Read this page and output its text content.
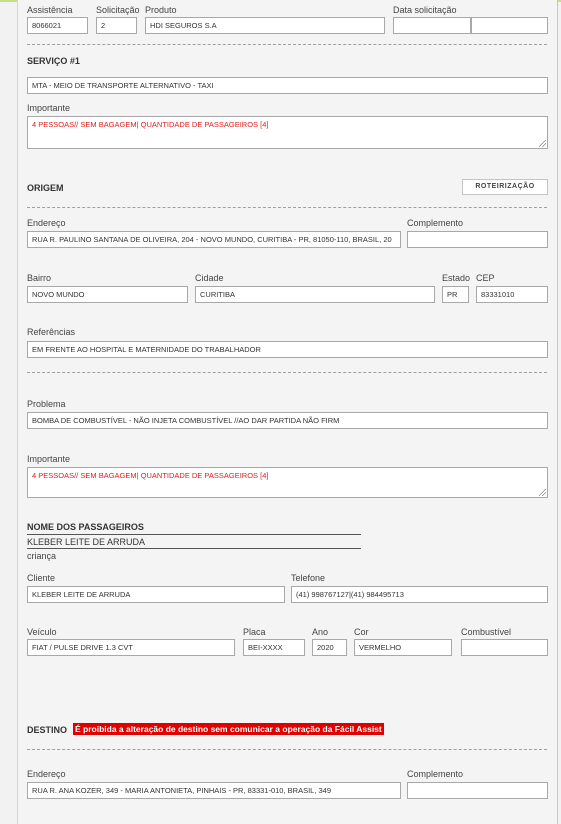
Assistência
8066021
Solicitação
2
Produto
HDI SEGUROS S.A
Data solicitação
SERVIÇO #1
MTA - MEIO DE TRANSPORTE ALTERNATIVO - TAXI
Importante
4 PESSOAS// SEM BAGAGEM| QUANTIDADE DE PASSAGEIROS [4]
ORIGEM	ROTEIRIZAÇÃO
Endereço
RUA R. PAULINO SANTANA DE OLIVEIRA, 204 - NOVO MUNDO, CURITIBA - PR, 81050-110, BRASIL, 20
Complemento
Bairro
NOVO MUNDO
Cidade
CURITIBA
Estado
PR
CEP
83331010
Referências
EM FRENTE AO HOSPITAL E MATERNIDADE DO TRABALHADOR
Problema
BOMBA DE COMBUSTÍVEL - NÃO INJETA COMBUSTÍVEL //AO DAR PARTIDA NÃO FIRM
Importante
4 PESSOAS// SEM BAGAGEM| QUANTIDADE DE PASSAGEIROS [4]
NOME DOS PASSAGEIROS
KLEBER LEITE DE ARRUDA
criança
Cliente
KLEBER LEITE DE ARRUDA
Telefone
(41) 998767127|(41) 984495713
Veículo
FIAT / PULSE DRIVE 1.3 CVT
Placa
BEI-XXXX
Ano
2020
Cor
VERMELHO
Combustível
DESTINO É proibida a alteração de destino sem comunicar a operação da Fácil Assist
Endereço
RUA R. ANA KOZER, 349 - MARIA ANTONIETA, PINHAIS - PR, 83331-010, BRASIL, 349
Complemento
